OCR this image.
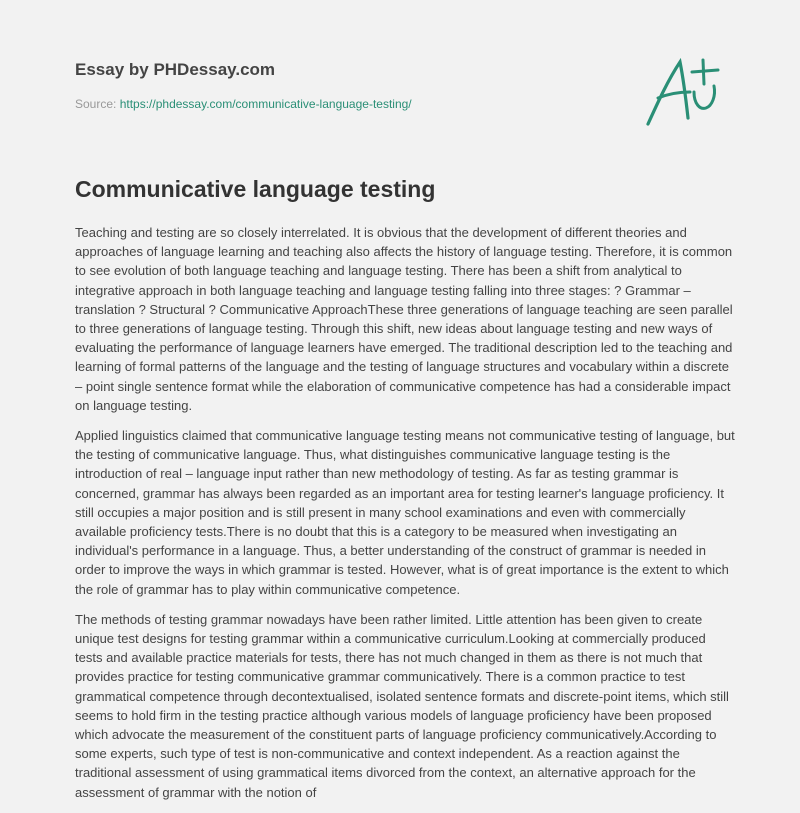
Essay by PHDessay.com
Source: https://phdessay.com/communicative-language-testing/
Communicative language testing

Teaching and testing are so closely interrelated. It is obvious that the development of different theories and approaches of language learning and teaching also affects the history of language testing. Therefore, it is common to see evolution of both language teaching and language testing. There has been a shift from analytical to integrative approach in both language teaching and language testing falling into three stages: ? Grammar – translation ? Structural ? Communicative ApproachThese three generations of language teaching are seen parallel to three generations of language testing. Through this shift, new ideas about language testing and new ways of evaluating the performance of language learners have emerged. The traditional description led to the teaching and learning of formal patterns of the language and the testing of language structures and vocabulary within a discrete – point single sentence format while the elaboration of communicative competence has had a considerable impact on language testing.

Applied linguistics claimed that communicative language testing means not communicative testing of language, but the testing of communicative language. Thus, what distinguishes communicative language testing is the introduction of real – language input rather than new methodology of testing. As far as testing grammar is concerned, grammar has always been regarded as an important area for testing learner's language proficiency. It still occupies a major position and is still present in many school examinations and even with commercially available proficiency tests.There is no doubt that this is a category to be measured when investigating an individual's performance in a language. Thus, a better understanding of the construct of grammar is needed in order to improve the ways in which grammar is tested. However, what is of great importance is the extent to which the role of grammar has to play within communicative competence.

The methods of testing grammar nowadays have been rather limited. Little attention has been given to create unique test designs for testing grammar within a communicative curriculum.Looking at commercially produced tests and available practice materials for tests, there has not much changed in them as there is not much that provides practice for testing communicative grammar communicatively. There is a common practice to test grammatical competence through decontextualised, isolated sentence formats and discrete-point items, which still seems to hold firm in the testing practice although various models of language proficiency have been proposed which advocate the measurement of the constituent parts of language proficiency communicatively.According to some experts, such type of test is non-communicative and context independent. As a reaction against the traditional assessment of using grammatical items divorced from the context, an alternative approach for the assessment of grammar with the notion of
